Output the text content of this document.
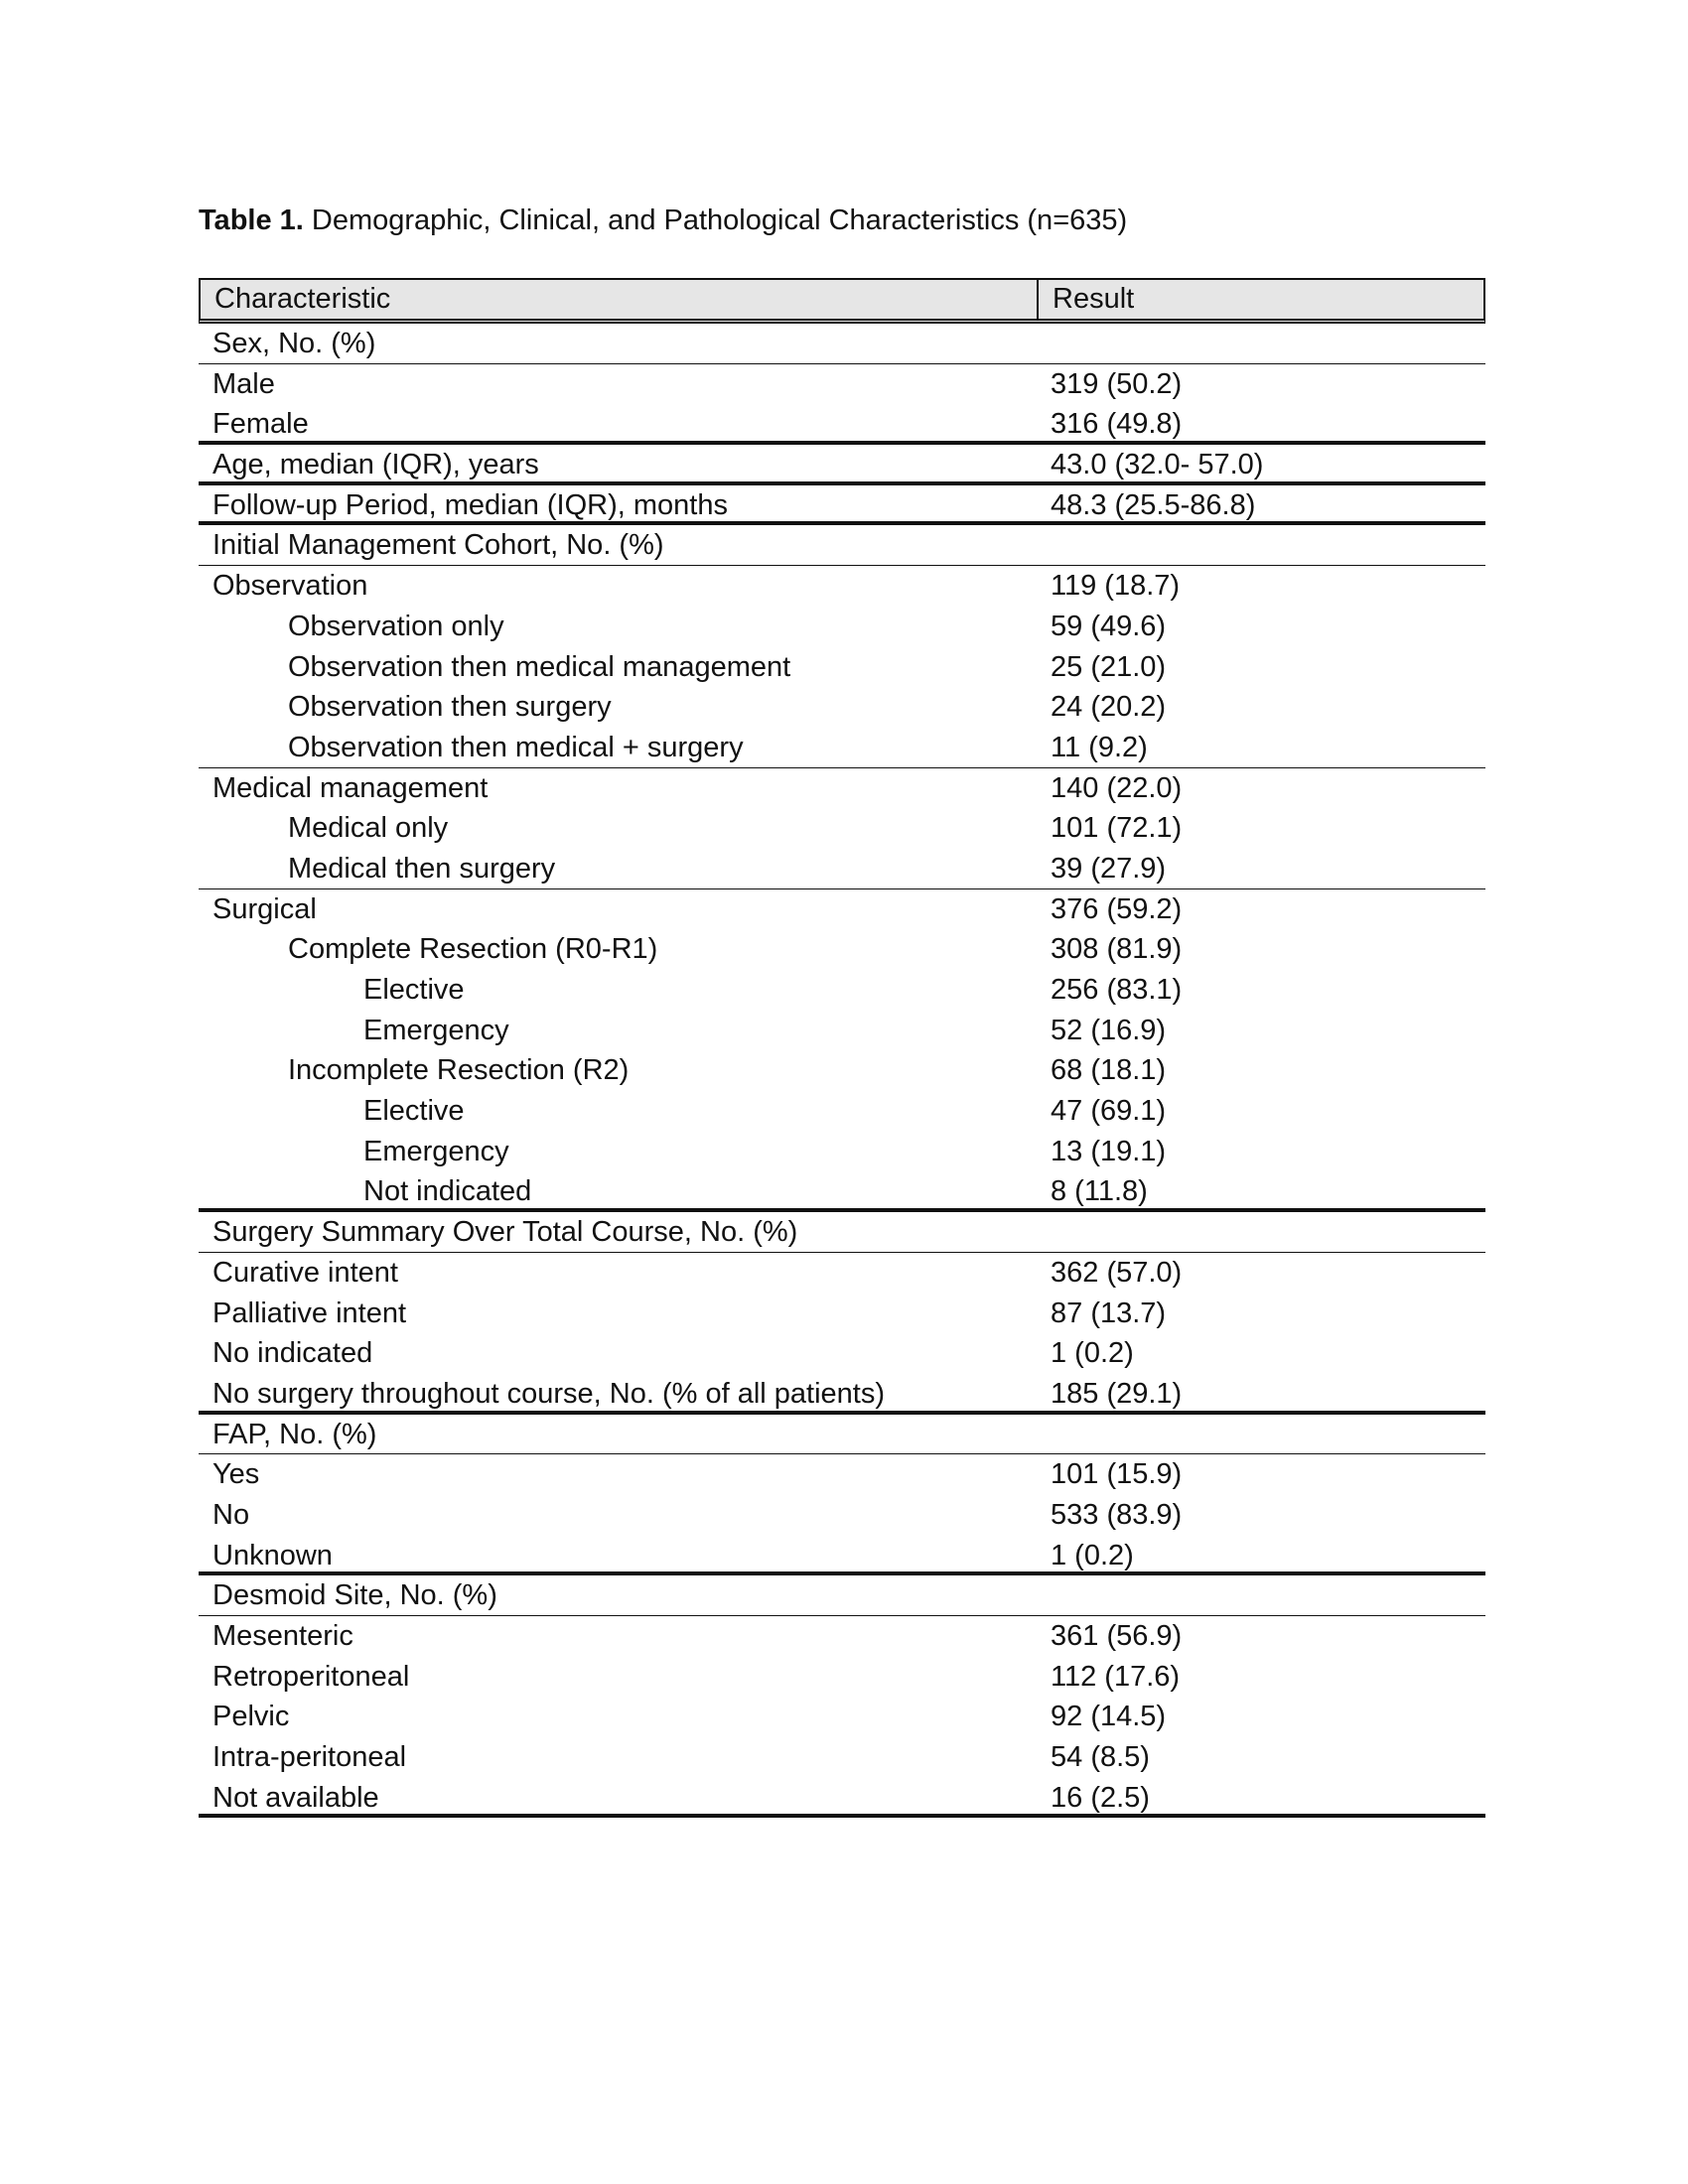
Table 1. Demographic, Clinical, and Pathological Characteristics (n=635)
Characteristic	Result
Sex, No. (%)
Male	319 (50.2)
Female	316 (49.8)
Age, median (IQR), years	43.0 (32.0- 57.0)
Follow-up Period, median (IQR), months	48.3 (25.5-86.8)
Initial Management Cohort, No. (%)
Observation	119 (18.7)
Observation only	59 (49.6)
Observation then medical management	25 (21.0)
Observation then surgery	24 (20.2)
Observation then medical + surgery	11 (9.2)
Medical management	140 (22.0)
Medical only	101 (72.1)
Medical then surgery	39 (27.9)
Surgical	376 (59.2)
Complete Resection (R0-R1)	308 (81.9)
Elective	256 (83.1)
Emergency	52 (16.9)
Incomplete Resection (R2)	68 (18.1)
Elective	47 (69.1)
Emergency	13 (19.1)
Not indicated	8 (11.8)
Surgery Summary Over Total Course, No. (%)
Curative intent	362 (57.0)
Palliative intent	87 (13.7)
No indicated	1 (0.2)
No surgery throughout course, No. (% of all patients)	185 (29.1)
FAP, No. (%)
Yes	101 (15.9)
No	533 (83.9)
Unknown	1 (0.2)
Desmoid Site, No. (%)
Mesenteric	361 (56.9)
Retroperitoneal	112 (17.6)
Pelvic	92 (14.5)
Intra-peritoneal	54 (8.5)
Not available	16 (2.5)
